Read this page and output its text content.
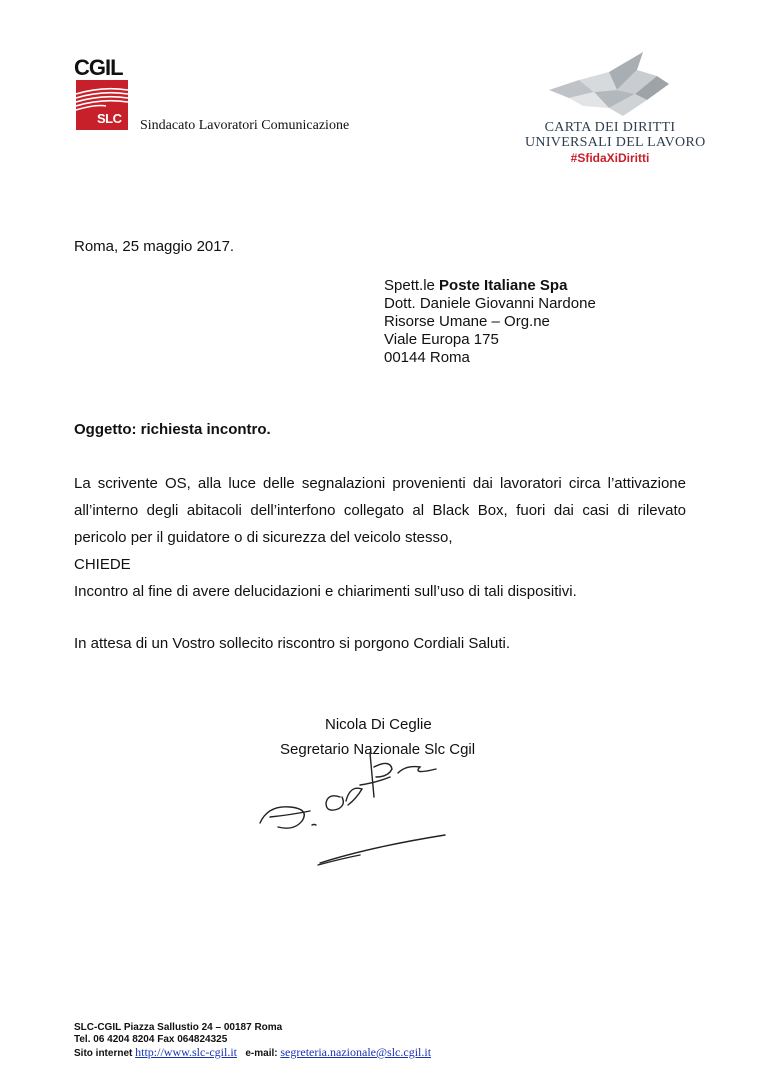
CGIL
SLC Sindacato Lavoratori Comunicazione	CARTA DEI DIRITTI
UNIVERSALI DEL LAVORO
#SfidaXiDiritti
Roma, 25 maggio 2017.
Spett.le Poste Italiane Spa
Dott. Daniele Giovanni Nardone
Risorse Umane – Org.ne
Viale Europa 175
00144 Roma
Oggetto: richiesta incontro.
La scrivente OS, alla luce delle segnalazioni provenienti dai lavoratori circa l’attivazione all’interno degli abitacoli dell’interfono collegato al Black Box, fuori dai casi di rilevato pericolo per il guidatore o di sicurezza del veicolo stesso,
CHIEDE
Incontro al fine di avere delucidazioni e chiarimenti sull’uso di tali dispositivi.
In attesa di un Vostro sollecito riscontro si porgono Cordiali Saluti.
Nicola Di Ceglie
Segretario Nazionale Slc Cgil
SLC-CGIL Piazza Sallustio 24 – 00187 Roma
Tel. 06 4204 8204 Fax 064824325
Sito internet http://www.slc-cgil.it   e-mail: segreteria.nazionale@slc.cgil.it
